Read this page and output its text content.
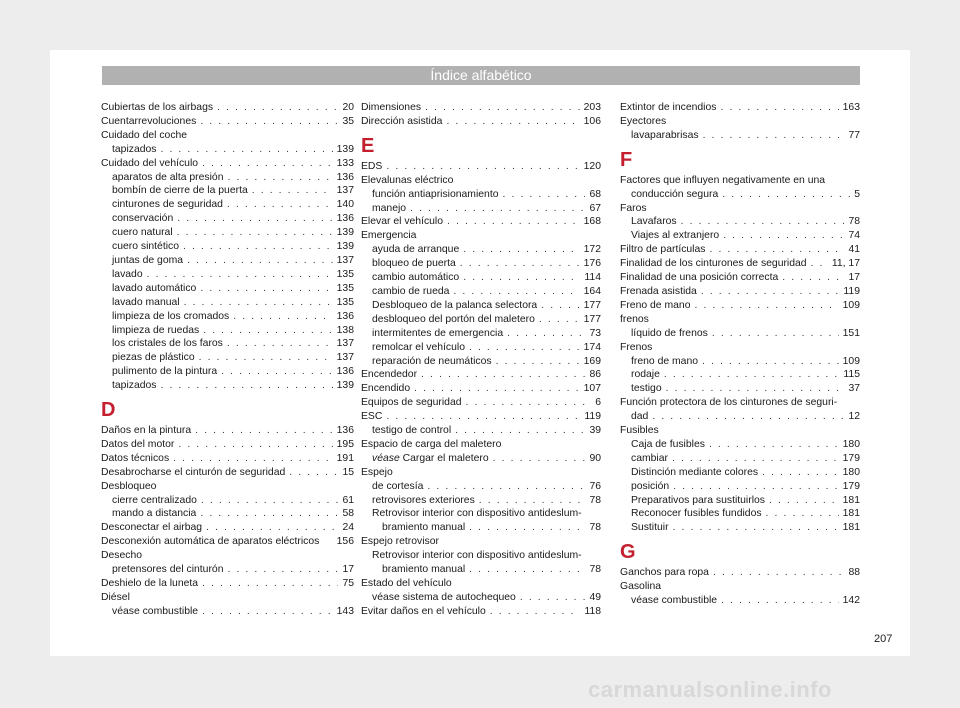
Índice alfabético
Cubiertas de los airbags . . .	20
Cuentarrevoluciones . . .	35
Cuidado del coche
tapizados . . .	139
Cuidado del vehículo . . .	133
aparatos de alta presión . . .	136
bombín de cierre de la puerta . . .	137
cinturones de seguridad . . .	140
conservación . . .	136
cuero natural . . .	139
cuero sintético . . .	139
juntas de goma . . .	137
lavado . . .	135
lavado automático . . .	135
lavado manual . . .	135
limpieza de los cromados . . .	136
limpieza de ruedas . . .	138
los cristales de los faros . . .	137
piezas de plástico . . .	137
pulimento de la pintura . . .	136
tapizados . . .	139
D
Daños en la pintura . . .	136
Datos del motor . . .	195
Datos técnicos . . .	191
Desabrocharse el cinturón de seguridad . . .	15
Desbloqueo
cierre centralizado . . .	61
mando a distancia . . .	58
Desconectar el airbag . . .	24
Desconexión automática de aparatos eléctricos 156
Desecho
pretensores del cinturón . . .	17
Deshielo de la luneta . . .	75
Diésel
véase combustible . . .	143
Dimensiones . . .	203
Dirección asistida . . .	106
E
EDS . . .	120
Elevalunas eléctrico
función antiaprisionamiento . . .	68
manejo . . .	67
Elevar el vehículo . . .	168
Emergencia
ayuda de arranque . . .	172
bloqueo de puerta . . .	176
cambio automático . . .	114
cambio de rueda . . .	164
Desbloqueo de la palanca selectora . . .	177
desbloqueo del portón del maletero . . .	177
intermitentes de emergencia . . .	73
remolcar el vehículo . . .	174
reparación de neumáticos . . .	169
Encendedor . . .	86
Encendido . . .	107
Equipos de seguridad . . .	6
ESC . . .	119
testigo de control . . .	39
Espacio de carga del maletero
véase Cargar el maletero . . .	90
Espejo
de cortesía . . .	76
retrovisores exteriores . . .	78
Retrovisor interior con dispositivo antideslum-
bramiento manual . . .	78
Espejo retrovisor
Retrovisor interior con dispositivo antideslum-
bramiento manual . . .	78
Estado del vehículo
véase sistema de autochequeo . . .	49
Evitar daños en el vehículo . . .	118
Extintor de incendios . . .	163
Eyectores
lavaparabrisas . . .	77
F
Factores que influyen negativamente en una
conducción segura . . .	5
Faros
Lavafaros . . .	78
Viajes al extranjero . . .	74
Filtro de partículas . . .	41
Finalidad de los cinturones de seguridad . . . 11, 17
Finalidad de una posición correcta . . .	17
Frenada asistida . . .	119
Freno de mano . . .	109
frenos
líquido de frenos . . .	151
Frenos
freno de mano . . .	109
rodaje . . .	115
testigo . . .	37
Función protectora de los cinturones de seguri-
dad . . .	12
Fusibles
Caja de fusibles . . .	180
cambiar . . .	179
Distinción mediante colores . . .	180
posición . . .	179
Preparativos para sustituirlos . . .	181
Reconocer fusibles fundidos . . .	181
Sustituir . . .	181
G
Ganchos para ropa . . .	88
Gasolina
véase combustible . . .	142
207
carmanualsonline.info
